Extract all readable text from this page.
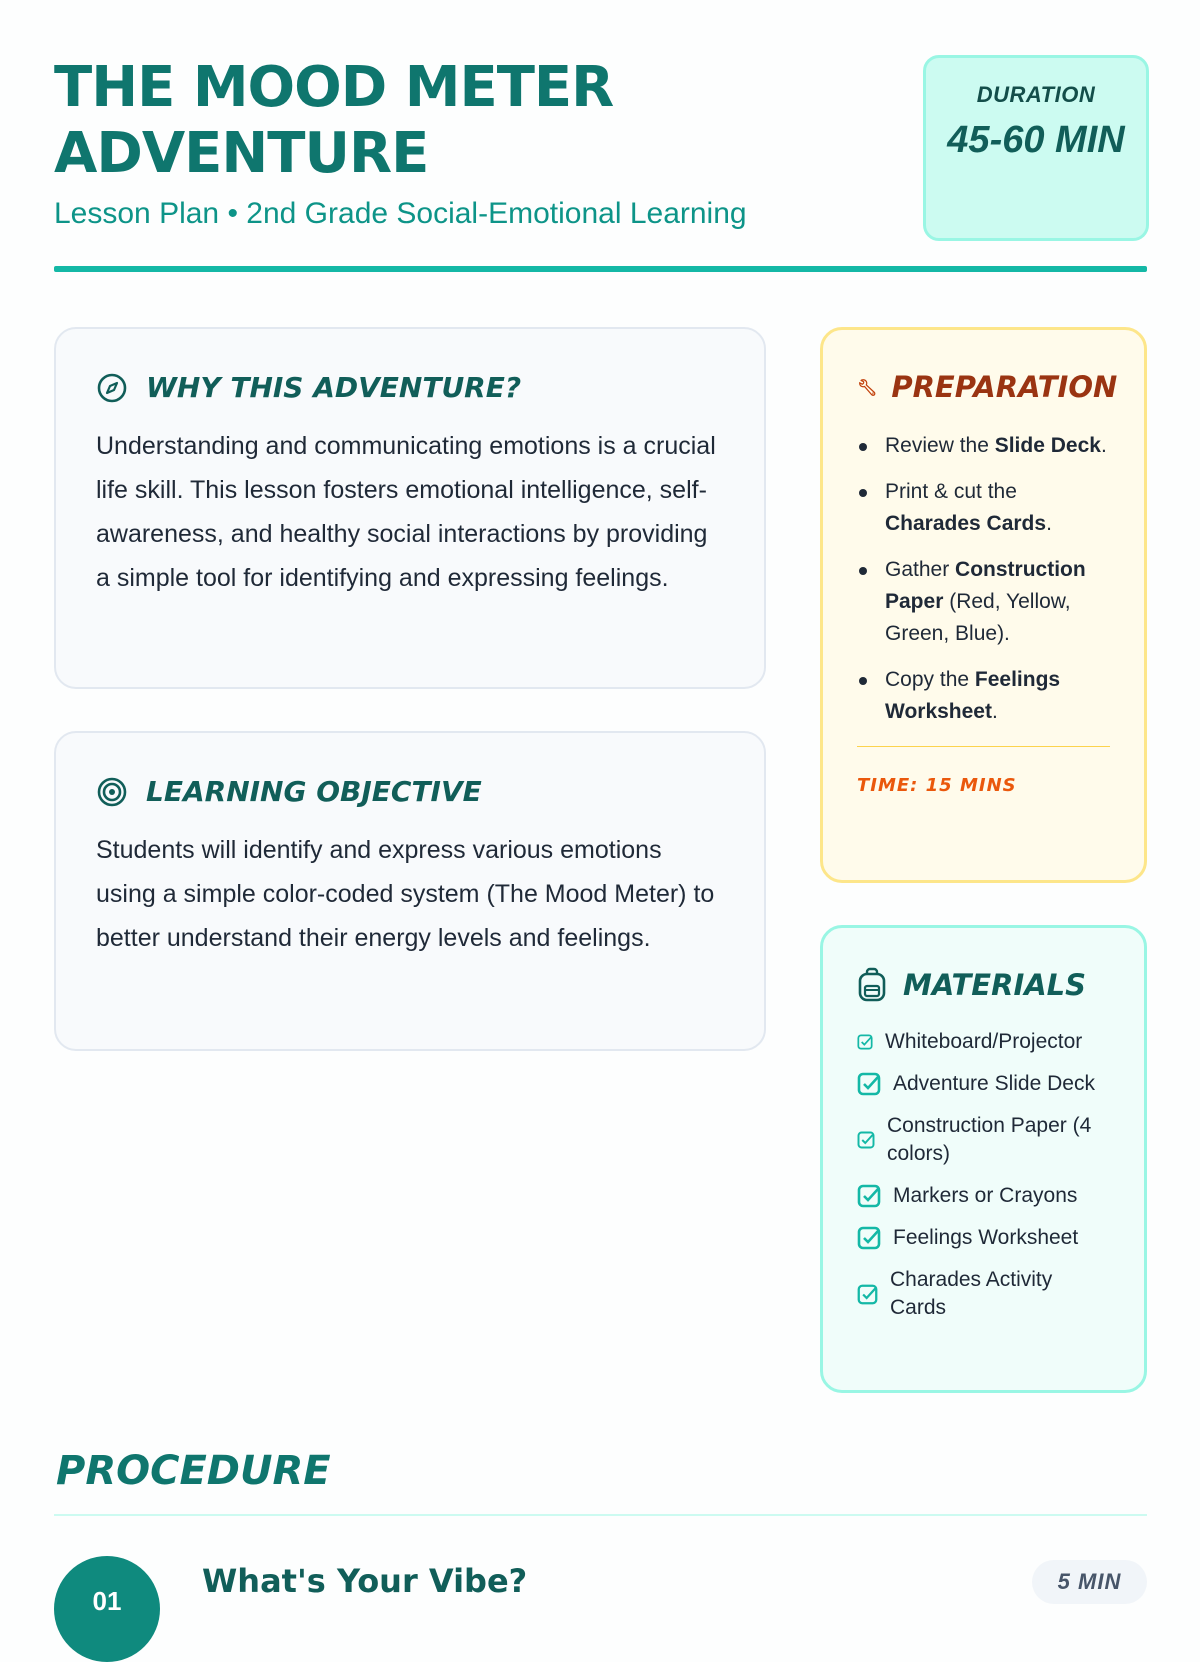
THE MOOD METER ADVENTURE
Lesson Plan • 2nd Grade Social-Emotional Learning
DURATION
45-60 MIN
WHY THIS ADVENTURE?

Understanding and communicating emotions is a crucial life skill. This lesson fosters emotional intelligence, self-awareness, and healthy social interactions by providing a simple tool for identifying and expressing feelings.

LEARNING OBJECTIVE

Students will identify and express various emotions using a simple color-coded system (The Mood Meter) to better understand their energy levels and feelings.

🔧︎ PREPARATION
Review the Slide Deck.
Print & cut the Charades Cards.
Gather Construction Paper (Red, Yellow, Green, Blue).
Copy the Feelings Worksheet.
TIME: 15 MINS
MATERIALS
Whiteboard/Projector
Adventure Slide Deck
Construction Paper (4 colors)
Markers or Crayons
Feelings Worksheet
Charades Activity Cards
PROCEDURE
01
What's Your Vibe?	5 MIN
